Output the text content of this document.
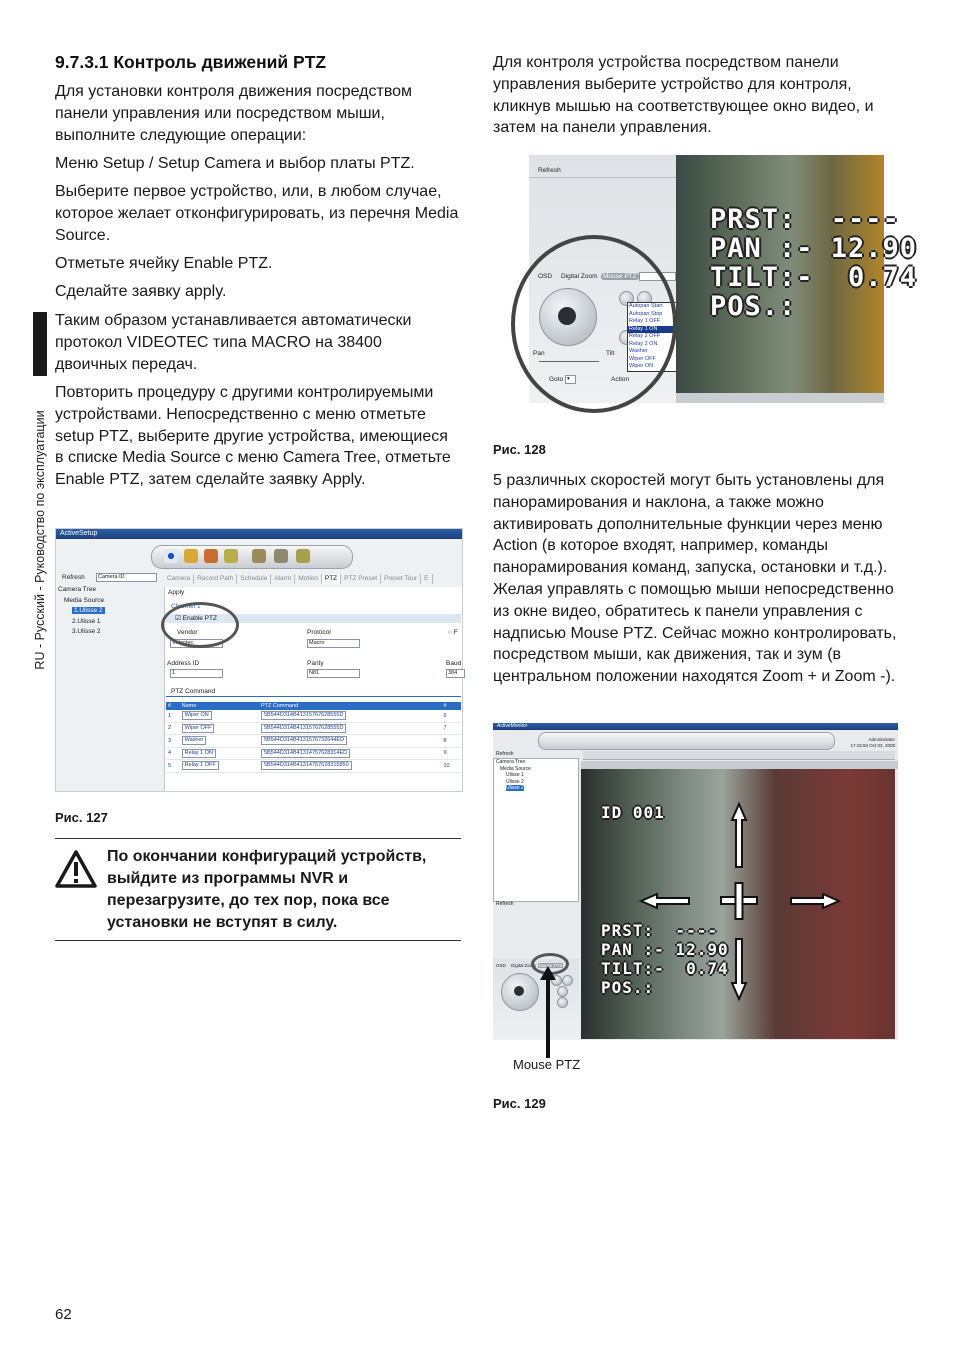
9.7.3.1 Контроль движений PTZ

Для установки контроля движения посредством панели управления или посредством мыши, выполните следующие операции:

Меню Setup / Setup Camera и выбор платы PTZ.

Выберите первое устройство, или, в любом случае, которое желает отконфигурировать, из перечня Media Source.

Отметьте ячейку Enable PTZ.

Сделайте заявку apply.

Таким образом устанавливается автоматически протокол VIDEOTEC типа MACRO на 38400 двоичных передач.

Повторить процедуру с другими контролируемыми устройствами. Непосредственно с меню отметьте setup PTZ, выберите другие устройства, имеющиеся в списке Media Source с меню Camera Tree, отметьте Enable PTZ, затем сделайте заявку Apply.

RU - Русский - Руководство по эксплуатации	ActiveSetup
Refresh	Camera ID	Camera Record Path Schedule Alarm Motion PTZ PTZ Preset Preset Tour E
Camera Tree
Media Source
1.Ulisse 2
2.Ulisse 1
3.Ulisse 2
Apply
Channel 1
☑ Enable PTZ
Vendor
Videotec
Protocol
Macro
○ F
Address ID
1
Parity
N81
Baud
384
PTZ Command
#	Name	PTZ Command	#
1	Wiper ON	5B544D314B41315767628555D	6
2	Wiper OFF	5B544D314B41315767628555D	7
3	Washer	5B544D314B4131576732644ED	8
4	Relay 1 ON	5B544D314B41314757628314ED	9
5	Relay 1 OFF	5B544D314B41314757628315850	10
Рис. 127
По окончании конфигураций устройств, выйдите из программы NVR и перезагрузите, до тех пор, пока все установки не вступят в силу.
62

Для контроля устройства посредством панели управления выберите устройство для контроля, кликнув мышью на соответствующее окно видео, и затем на панели управления.

Refresh
OSD Digital Zoom Mouse PTZ
Pan	Tilt
Goto ▾	Action
Autopan Start
Autopan Stop
Relay 1 OFF
Relay 1 ON
Relay 2 OFF
Relay 2 ON
Washer
Wiper OFF
Wiper ON
PRST:  ----
PAN :- 12.90
TILT:-  0.74
POS.:
Рис. 128

5 различных скоростей могут быть установлены для панорамирования и наклона, а также можно активировать дополнительные функции через меню Action (в которое входят, например, команды панорамирования команд, запуска, остановки и т.д.). Желая управлять с помощью мыши непосредственно из окне видео, обратитесь к панели управления с надписью Mouse PTZ. Сейчас можно контролировать, посредством мыши, как движения, так и зум (в центральном положении находятся Zoom + и Zoom -).

ActiveMonitor
Administrator
17:15:50 Oct 03, 2008
Refresh
Camera Tree
Media Source
Ulisse 1
Ulisse 2
Ulisse 2
Refresh
OSD Digital Zoom Mouse PTZ
ID 001
PRST:  ----
PAN :- 12.90
TILT:-  0.74
POS.:
Mouse PTZ
Рис. 129
